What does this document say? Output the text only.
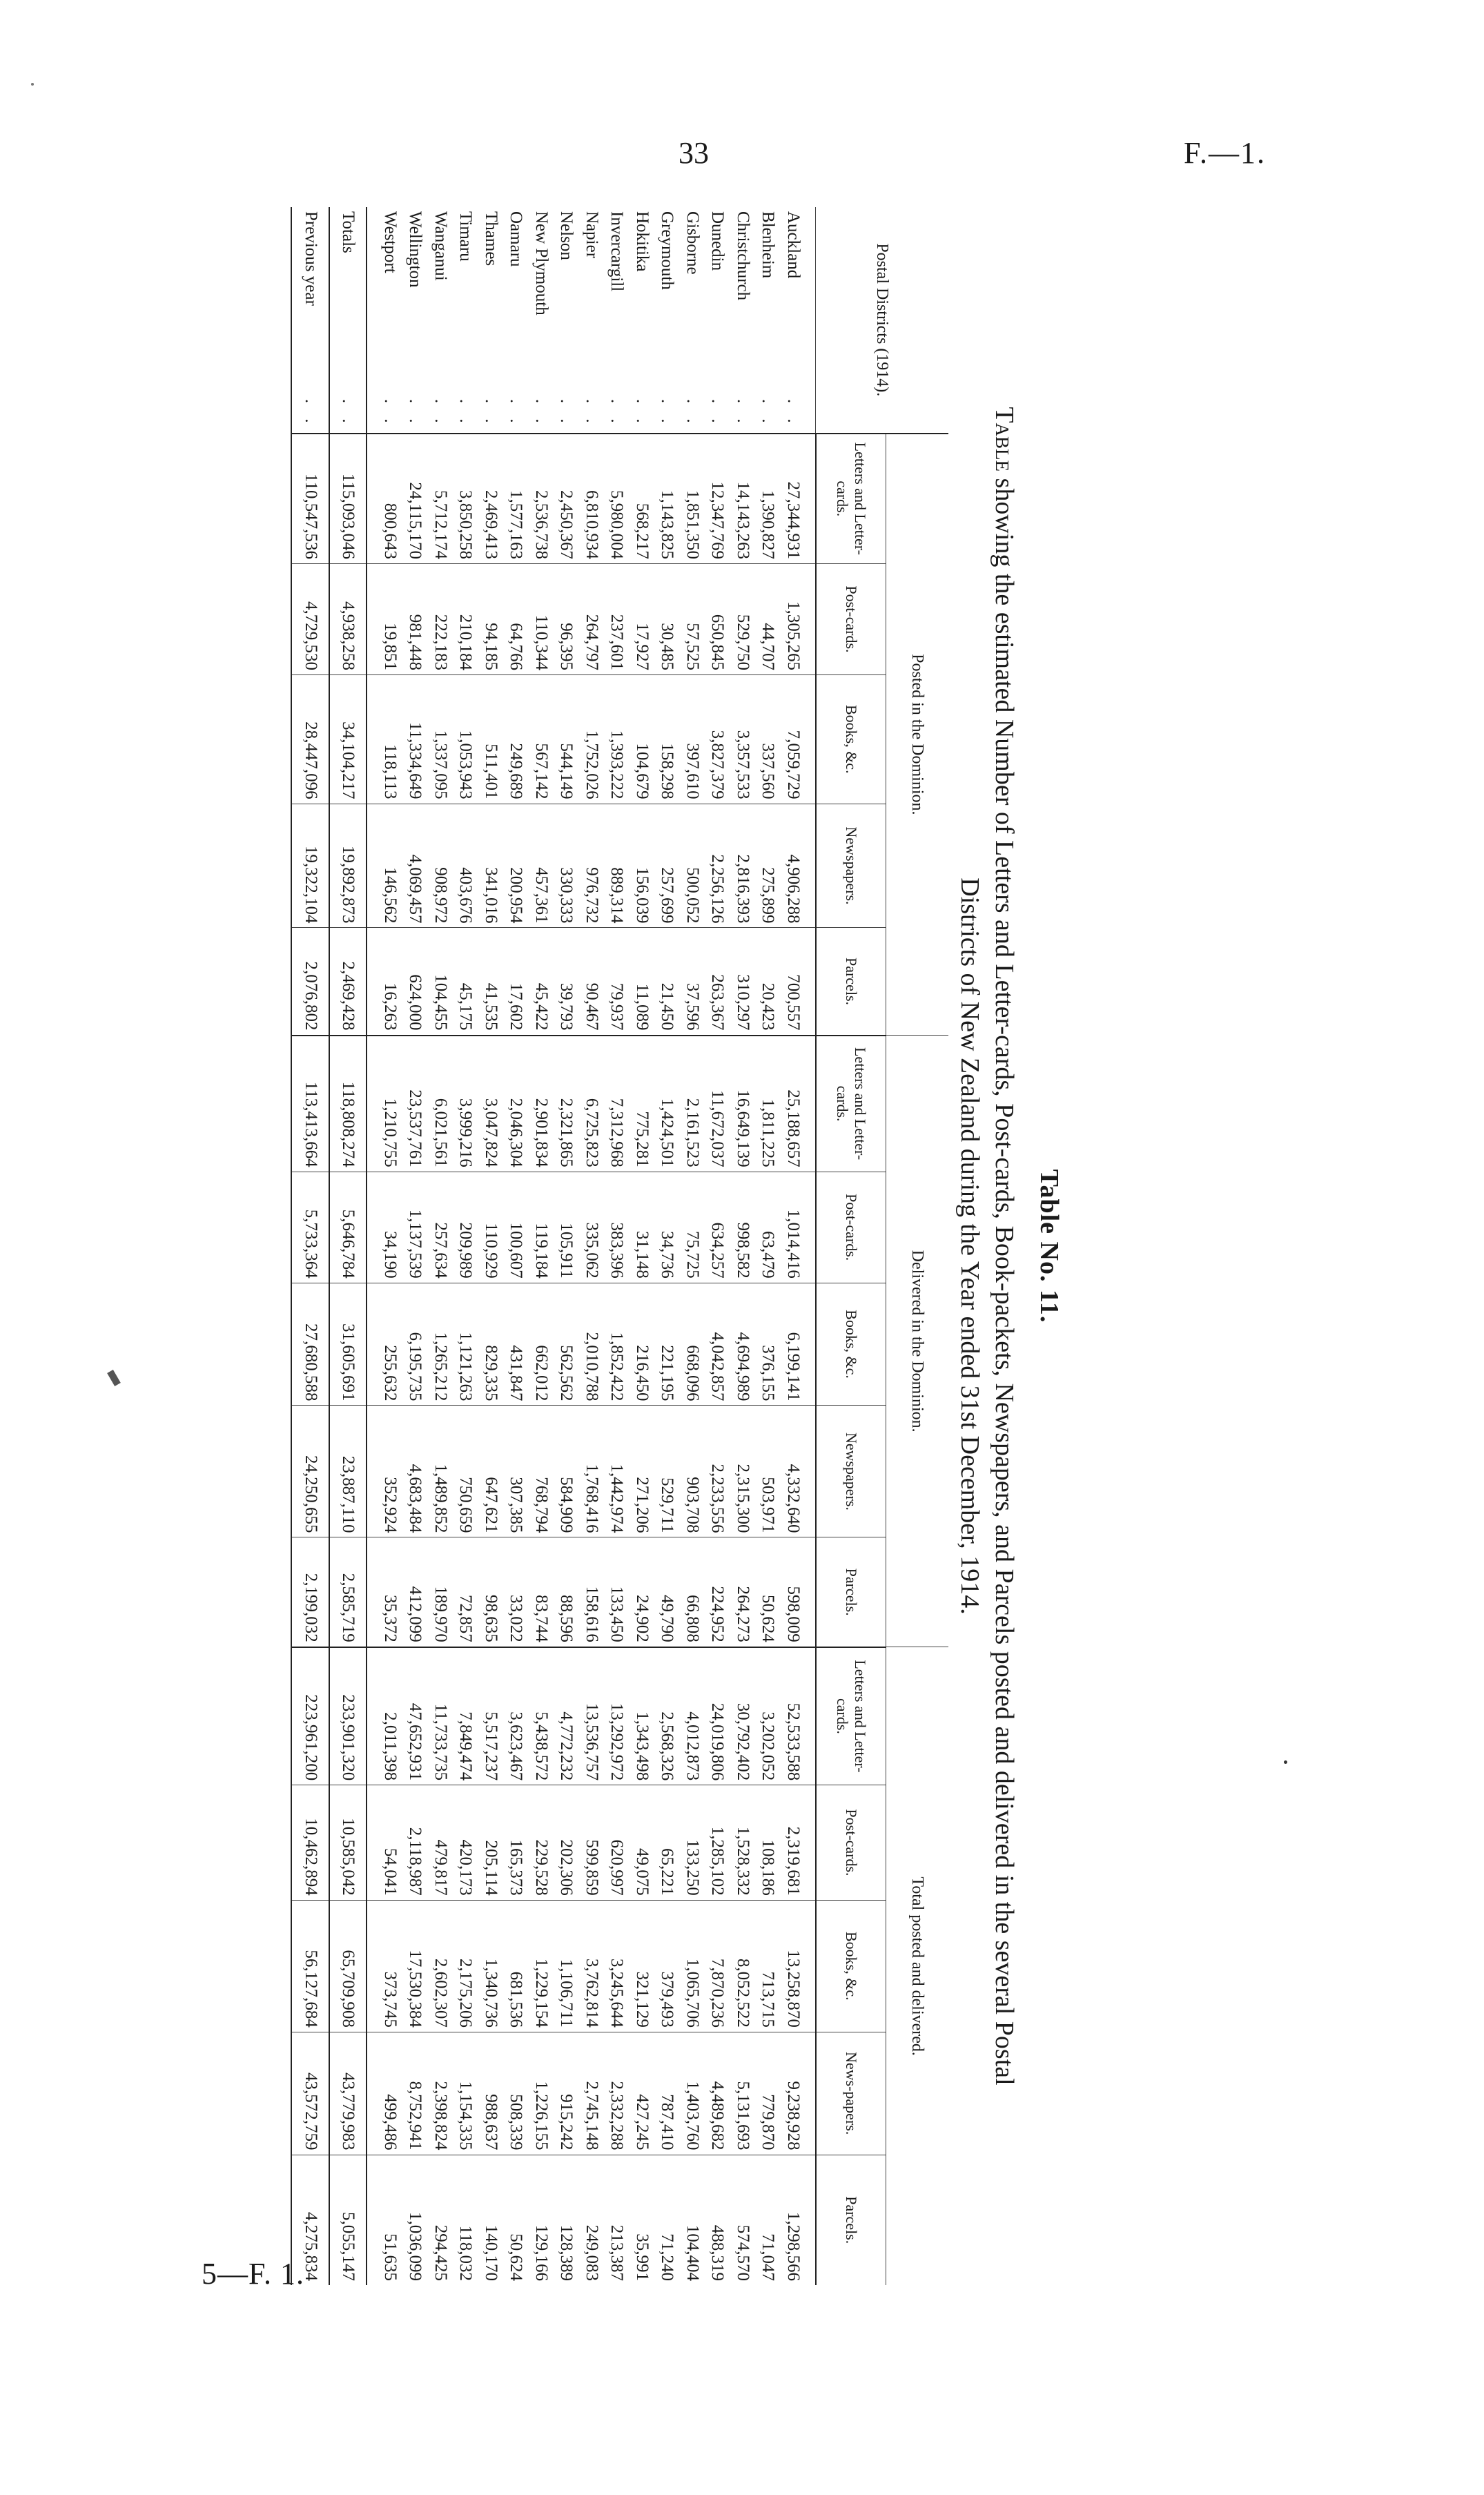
33	F.—1.
5—F. 1.
Table No. 11.
Table showing the estimated Number of Letters and Letter-cards, Post-cards, Book-packets, Newspapers, and Parcels posted and delivered in the several Postal
Districts of New Zealand during the Year ended 31st December, 1914.
Postal Districts (1914).	Posted in the Dominion.					Delivered in the Dominion.					Total posted and delivered.				
	Letters and Letter-cards.	Post-cards.	Books, &c.	Newspapers.	Parcels.	Letters and Letter-cards.	Post-cards.	Books, &c.	Newspapers.	Parcels.	Letters and Letter-cards.	Post-cards.	Books, &c.	News-papers.	Parcels.
Auckland
. .	27,344,931	1,305,265	7,059,729	4,906,288	700,557	25,188,657	1,014,416	6,199,141	4,332,640	598,009	52,533,588	2,319,681	13,258,870	9,238,928	1,298,566
Blenheim
. .	1,390,827	44,707	337,560	275,899	20,423	1,811,225	63,479	376,155	503,971	50,624	3,202,052	108,186	713,715	779,870	71,047
Christchurch
. .	14,143,263	529,750	3,357,533	2,816,393	310,297	16,649,139	998,582	4,694,989	2,315,300	264,273	30,792,402	1,528,332	8,052,522	5,131,693	574,570
Dunedin
. .	12,347,769	650,845	3,827,379	2,256,126	263,367	11,672,037	634,257	4,042,857	2,233,556	224,952	24,019,806	1,285,102	7,870,236	4,489,682	488,319
Gisborne
. .	1,851,350	57,525	397,610	500,052	37,596	2,161,523	75,725	668,096	903,708	66,808	4,012,873	133,250	1,065,706	1,403,760	104,404
Greymouth
. .	1,143,825	30,485	158,298	257,699	21,450	1,424,501	34,736	221,195	529,711	49,790	2,568,326	65,221	379,493	787,410	71,240
Hokitika
. .	568,217	17,927	104,679	156,039	11,089	775,281	31,148	216,450	271,206	24,902	1,343,498	49,075	321,129	427,245	35,991
Invercargill
. .	5,980,004	237,601	1,393,222	889,314	79,937	7,312,968	383,396	1,852,422	1,442,974	133,450	13,292,972	620,997	3,245,644	2,332,288	213,387
Napier
. .	6,810,934	264,797	1,752,026	976,732	90,467	6,725,823	335,062	2,010,788	1,768,416	158,616	13,536,757	599,859	3,762,814	2,745,148	249,083
Nelson
. .	2,450,367	96,395	544,149	330,333	39,793	2,321,865	105,911	562,562	584,909	88,596	4,772,232	202,306	1,106,711	915,242	128,389
New Plymouth
. .	2,536,738	110,344	567,142	457,361	45,422	2,901,834	119,184	662,012	768,794	83,744	5,438,572	229,528	1,229,154	1,226,155	129,166
Oamaru
. .	1,577,163	64,766	249,689	200,954	17,602	2,046,304	100,607	431,847	307,385	33,022	3,623,467	165,373	681,536	508,339	50,624
Thames
. .	2,469,413	94,185	511,401	341,016	41,535	3,047,824	110,929	829,335	647,621	98,635	5,517,237	205,114	1,340,736	988,637	140,170
Timaru
. .	3,850,258	210,184	1,053,943	403,676	45,175	3,999,216	209,989	1,121,263	750,659	72,857	7,849,474	420,173	2,175,206	1,154,335	118,032
Wanganui
. .	5,712,174	222,183	1,337,095	908,972	104,455	6,021,561	257,634	1,265,212	1,489,852	189,970	11,733,735	479,817	2,602,307	2,398,824	294,425
Wellington
. .	24,115,170	981,448	11,334,649	4,069,457	624,000	23,537,761	1,137,539	6,195,735	4,683,484	412,099	47,652,931	2,118,987	17,530,384	8,752,941	1,036,099
Westport
. .	800,643	19,851	118,113	146,562	16,263	1,210,755	34,190	255,632	352,924	35,372	2,011,398	54,041	373,745	499,486	51,635
Totals
. .	115,093,046	4,938,258	34,104,217	19,892,873	2,469,428	118,808,274	5,646,784	31,605,691	23,887,110	2,585,719	233,901,320	10,585,042	65,709,908	43,779,983	5,055,147
Previous year
. .	110,547,536	4,729,530	28,447,096	19,322,104	2,076,802	113,413,664	5,733,364	27,680,588	24,250,655	2,199,032	223,961,200	10,462,894	56,127,684	43,572,759	4,275,834
